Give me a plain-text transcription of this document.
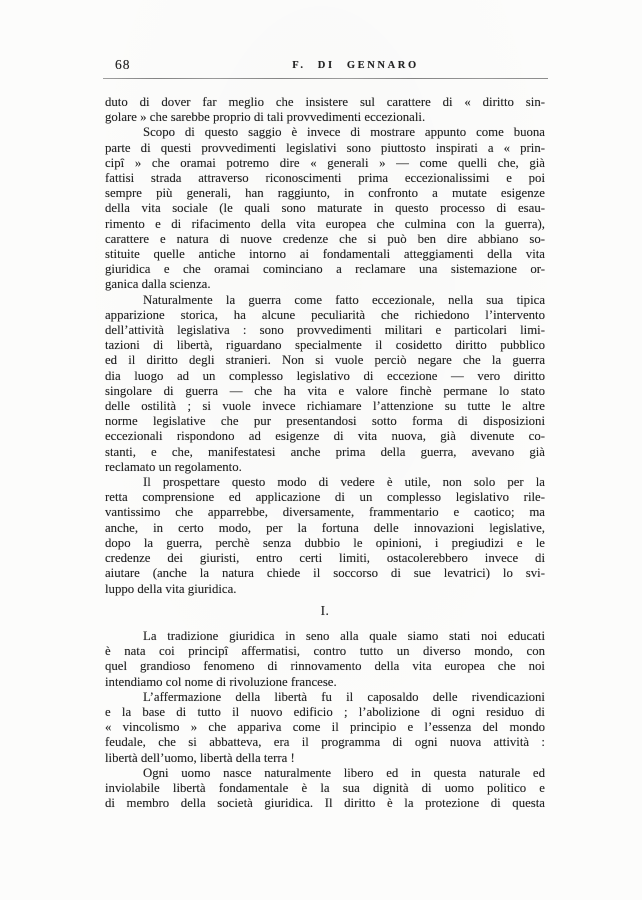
68	F. DI GENNARO
duto di dover far meglio che insistere sul carattere di « diritto sin-
golare » che sarebbe proprio di tali provvedimenti eccezionali.
Scopo di questo saggio è invece di mostrare appunto come buona
parte di questi provvedimenti legislativi sono piuttosto inspirati a « prin-
cipî » che oramai potremo dire « generali » — come quelli che, già
fattisi strada attraverso riconoscimenti prima eccezionalissimi e poi
sempre più generali, han raggiunto, in confronto a mutate esigenze
della vita sociale (le quali sono maturate in questo processo di esau-
rimento e di rifacimento della vita europea che culmina con la guerra),
carattere e natura di nuove credenze che si può ben dire abbiano so-
stituite quelle antiche intorno ai fondamentali atteggiamenti della vita
giuridica e che oramai cominciano a reclamare una sistemazione or-
ganica dalla scienza.
Naturalmente la guerra come fatto eccezionale, nella sua tipica
apparizione storica, ha alcune peculiarità che richiedono l’intervento
dell’attività legislativa : sono provvedimenti militari e particolari limi-
tazioni di libertà, riguardano specialmente il cosidetto diritto pubblico
ed il diritto degli stranieri. Non si vuole perciò negare che la guerra
dia luogo ad un complesso legislativo di eccezione — vero diritto
singolare di guerra — che ha vita e valore finchè permane lo stato
delle ostilità ; si vuole invece richiamare l’attenzione su tutte le altre
norme legislative che pur presentandosi sotto forma di disposizioni
eccezionali rispondono ad esigenze di vita nuova, già divenute co-
stanti, e che, manifestatesi anche prima della guerra, avevano già
reclamato un regolamento.
Il prospettare questo modo di vedere è utile, non solo per la
retta comprensione ed applicazione di un complesso legislativo rile-
vantissimo che apparrebbe, diversamente, frammentario e caotico; ma
anche, in certo modo, per la fortuna delle innovazioni legislative,
dopo la guerra, perchè senza dubbio le opinioni, i pregiudizi e le
credenze dei giuristi, entro certi limiti, ostacolerebbero invece di
aiutare (anche la natura chiede il soccorso di sue levatrici) lo svi-
luppo della vita giuridica.
I.
La tradizione giuridica in seno alla quale siamo stati noi educati
è nata coi principî affermatisi, contro tutto un diverso mondo, con
quel grandioso fenomeno di rinnovamento della vita europea che noi
intendiamo col nome di rivoluzione francese.
L’affermazione della libertà fu il caposaldo delle rivendicazioni
e la base di tutto il nuovo edificio ; l’abolizione di ogni residuo di
« vincolismo » che appariva come il principio e l’essenza del mondo
feudale, che si abbatteva, era il programma di ogni nuova attività :
libertà dell’uomo, libertà della terra !
Ogni uomo nasce naturalmente libero ed in questa naturale ed
inviolabile libertà fondamentale è la sua dignità di uomo politico e
di membro della società giuridica. Il diritto è la protezione di questa
